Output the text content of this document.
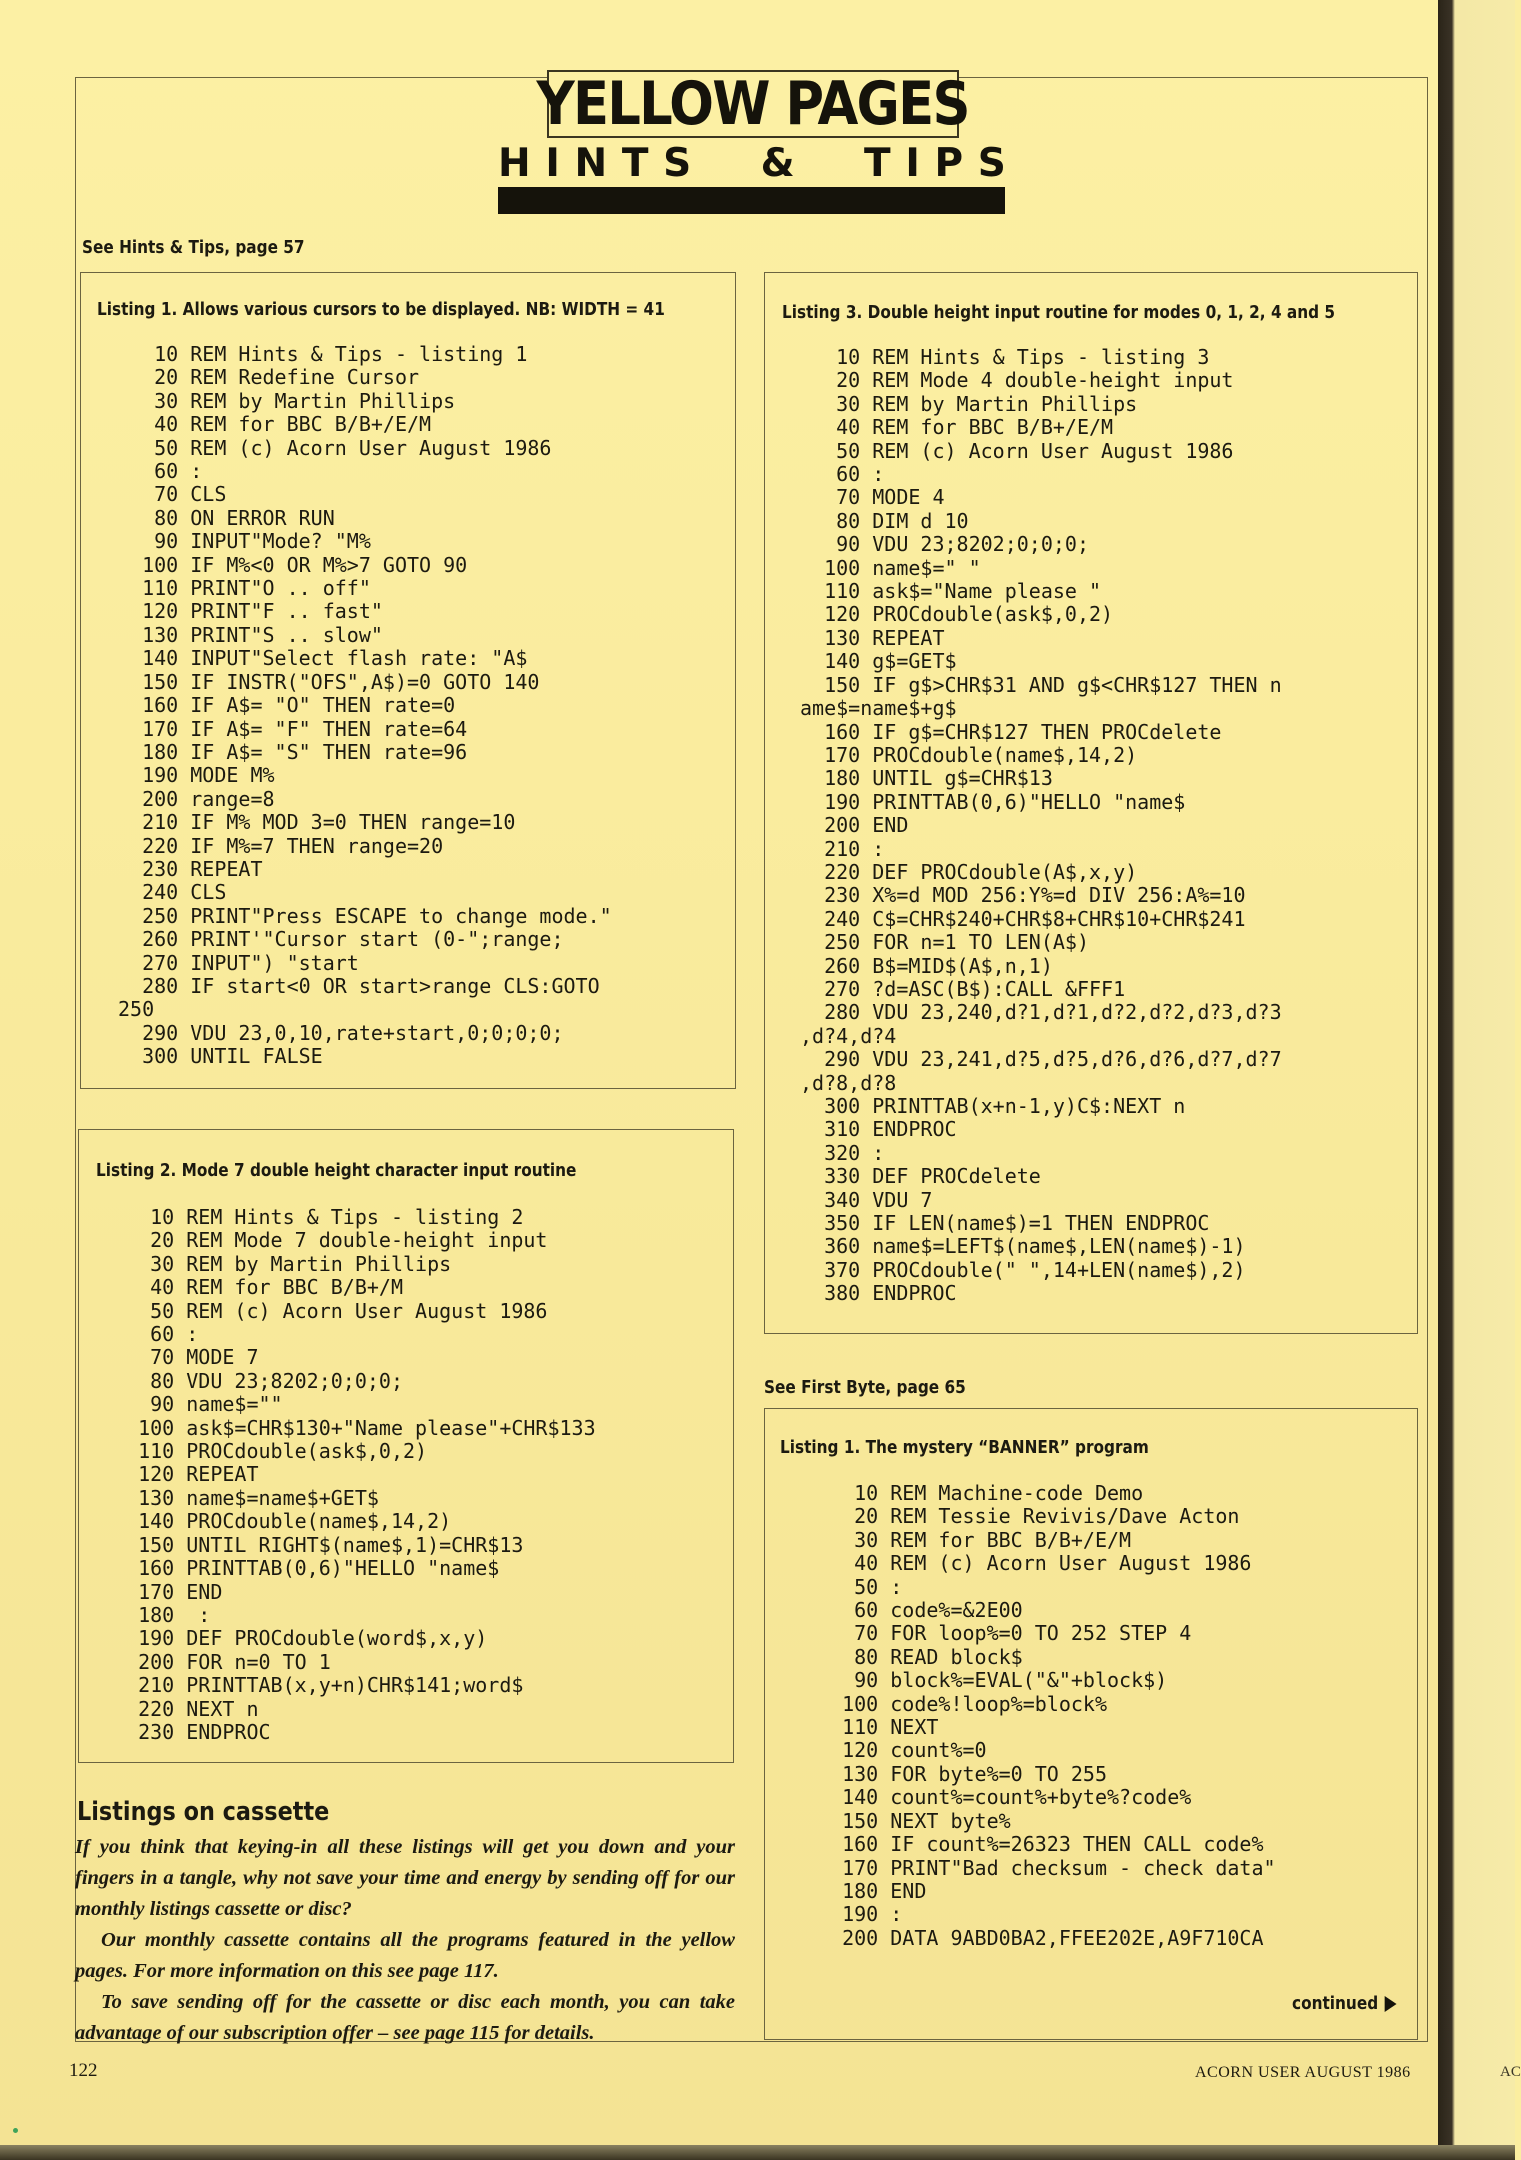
YELLOW PAGES
H I N T S & T I P S
See Hints & Tips, page 57
Listing 1. Allows various cursors to be displayed. NB: WIDTH = 41
10 REM Hints & Tips - listing 1
20 REM Redefine Cursor
30 REM by Martin Phillips
40 REM for BBC B/B+/E/M
50 REM (c) Acorn User August 1986
60 :
70 CLS
80 ON ERROR RUN
90 INPUT"Mode? "M%
100 IF M%<0 OR M%>7 GOTO 90
110 PRINT"O .. off"
120 PRINT"F .. fast"
130 PRINT"S .. slow"
140 INPUT"Select flash rate: "A$
150 IF INSTR("OFS",A$)=0 GOTO 140
160 IF A$= "O" THEN rate=0
170 IF A$= "F" THEN rate=64
180 IF A$= "S" THEN rate=96
190 MODE M%
200 range=8
210 IF M% MOD 3=0 THEN range=10
220 IF M%=7 THEN range=20
230 REPEAT
240 CLS
250 PRINT"Press ESCAPE to change mode."
260 PRINT'"Cursor start (0-";range;
270 INPUT") "start
280 IF start<0 OR start>range CLS:GOTO
250
290 VDU 23,0,10,rate+start,0;0;0;0;
300 UNTIL FALSE
Listing 2. Mode 7 double height character input routine
10 REM Hints & Tips - listing 2
20 REM Mode 7 double-height input
30 REM by Martin Phillips
40 REM for BBC B/B+/M
50 REM (c) Acorn User August 1986
60 :
70 MODE 7
80 VDU 23;8202;0;0;0;
90 name$=""
100 ask$=CHR$130+"Name please"+CHR$133
110 PROCdouble(ask$,0,2)
120 REPEAT
130 name$=name$+GET$
140 PROCdouble(name$,14,2)
150 UNTIL RIGHT$(name$,1)=CHR$13
160 PRINTTAB(0,6)"HELLO "name$
170 END
180  :
190 DEF PROCdouble(word$,x,y)
200 FOR n=0 TO 1
210 PRINTTAB(x,y+n)CHR$141;word$
220 NEXT n
230 ENDPROC
Listing 3. Double height input routine for modes 0, 1, 2, 4 and 5
10 REM Hints & Tips - listing 3
20 REM Mode 4 double-height input
30 REM by Martin Phillips
40 REM for BBC B/B+/E/M
50 REM (c) Acorn User August 1986
60 :
70 MODE 4
80 DIM d 10
90 VDU 23;8202;0;0;0;
100 name$=" "
110 ask$="Name please "
120 PROCdouble(ask$,0,2)
130 REPEAT
140 g$=GET$
150 IF g$>CHR$31 AND g$<CHR$127 THEN n
ame$=name$+g$
160 IF g$=CHR$127 THEN PROCdelete
170 PROCdouble(name$,14,2)
180 UNTIL g$=CHR$13
190 PRINTTAB(0,6)"HELLO "name$
200 END
210 :
220 DEF PROCdouble(A$,x,y)
230 X%=d MOD 256:Y%=d DIV 256:A%=10
240 C$=CHR$240+CHR$8+CHR$10+CHR$241
250 FOR n=1 TO LEN(A$)
260 B$=MID$(A$,n,1)
270 ?d=ASC(B$):CALL &FFF1
280 VDU 23,240,d?1,d?1,d?2,d?2,d?3,d?3
,d?4,d?4
290 VDU 23,241,d?5,d?5,d?6,d?6,d?7,d?7
,d?8,d?8
300 PRINTTAB(x+n-1,y)C$:NEXT n
310 ENDPROC
320 :
330 DEF PROCdelete
340 VDU 7
350 IF LEN(name$)=1 THEN ENDPROC
360 name$=LEFT$(name$,LEN(name$)-1)
370 PROCdouble(" ",14+LEN(name$),2)
380 ENDPROC
See First Byte, page 65
Listing 1. The mystery “BANNER” program
10 REM Machine-code Demo
20 REM Tessie Revivis/Dave Acton
30 REM for BBC B/B+/E/M
40 REM (c) Acorn User August 1986
50 :
60 code%=&2E00
70 FOR loop%=0 TO 252 STEP 4
80 READ block$
90 block%=EVAL("&"+block$)
100 code%!loop%=block%
110 NEXT
120 count%=0
130 FOR byte%=0 TO 255
140 count%=count%+byte%?code%
150 NEXT byte%
160 IF count%=26323 THEN CALL code%
170 PRINT"Bad checksum - check data"
180 END
190 :
200 DATA 9ABD0BA2,FFEE202E,A9F710CA
continued
Listings on cassette

If you think that keying-in all these listings will get you down and your fingers in a tangle, why not save your time and energy by sending off for our monthly listings cassette or disc?

Our monthly cassette contains all the programs featured in the yellow pages. For more information on this see page 117.

To save sending off for the cassette or disc each month, you can take advantage of our subscription offer – see page 115 for details.

122	ACORN USER AUGUST 1986	AC
